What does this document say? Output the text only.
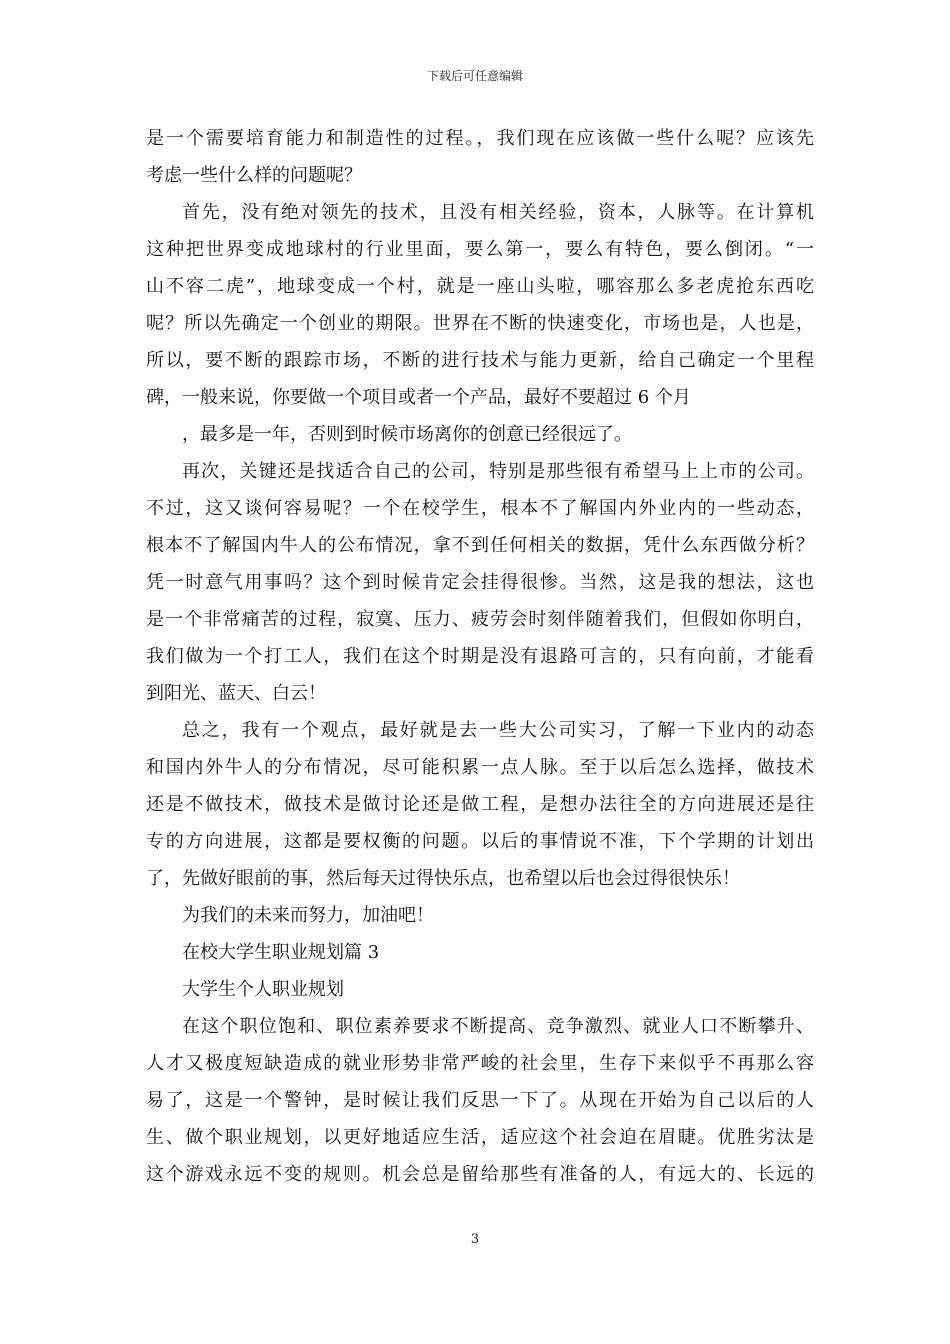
下载后可任意编辑
是一个需要培育能力和制造性的过程。，我们现在应该做一些什么呢？应该先
考虑一些什么样的问题呢？
首先，没有绝对领先的技术，且没有相关经验，资本，人脉等。在计算机
这种把世界变成地球村的行业里面，要么第一，要么有特色，要么倒闭。“一
山不容二虎”，地球变成一个村，就是一座山头啦，哪容那么多老虎抢东西吃
呢？所以先确定一个创业的期限。世界在不断的快速变化，市场也是，人也是，
所以，要不断的跟踪市场，不断的进行技术与能力更新，给自己确定一个里程
碑，一般来说，你要做一个项目或者一个产品，最好不要超过 6 个月
，最多是一年，否则到时候市场离你的创意已经很远了。
再次，关键还是找适合自己的公司，特别是那些很有希望马上上市的公司。
不过，这又谈何容易呢？一个在校学生，根本不了解国内外业内的一些动态，
根本不了解国内牛人的公布情况，拿不到任何相关的数据，凭什么东西做分析？
凭一时意气用事吗？这个到时候肯定会挂得很惨。当然，这是我的想法，这也
是一个非常痛苦的过程，寂寞、压力、疲劳会时刻伴随着我们，但假如你明白，
我们做为一个打工人，我们在这个时期是没有退路可言的，只有向前，才能看
到阳光、蓝天、白云！
总之，我有一个观点，最好就是去一些大公司实习，了解一下业内的动态
和国内外牛人的分布情况，尽可能积累一点人脉。至于以后怎么选择，做技术
还是不做技术，做技术是做讨论还是做工程，是想办法往全的方向进展还是往
专的方向进展，这都是要权衡的问题。以后的事情说不准，下个学期的计划出
了，先做好眼前的事，然后每天过得快乐点，也希望以后也会过得很快乐！
为我们的未来而努力，加油吧！
在校大学生职业规划篇 3
大学生个人职业规划
在这个职位饱和、职位素养要求不断提高、竞争激烈、就业人口不断攀升、
人才又极度短缺造成的就业形势非常严峻的社会里，生存下来似乎不再那么容
易了，这是一个警钟，是时候让我们反思一下了。从现在开始为自己以后的人
生、做个职业规划，以更好地适应生活，适应这个社会迫在眉睫。优胜劣汰是
这个游戏永远不变的规则。机会总是留给那些有准备的人，有远大的、长远的
3
